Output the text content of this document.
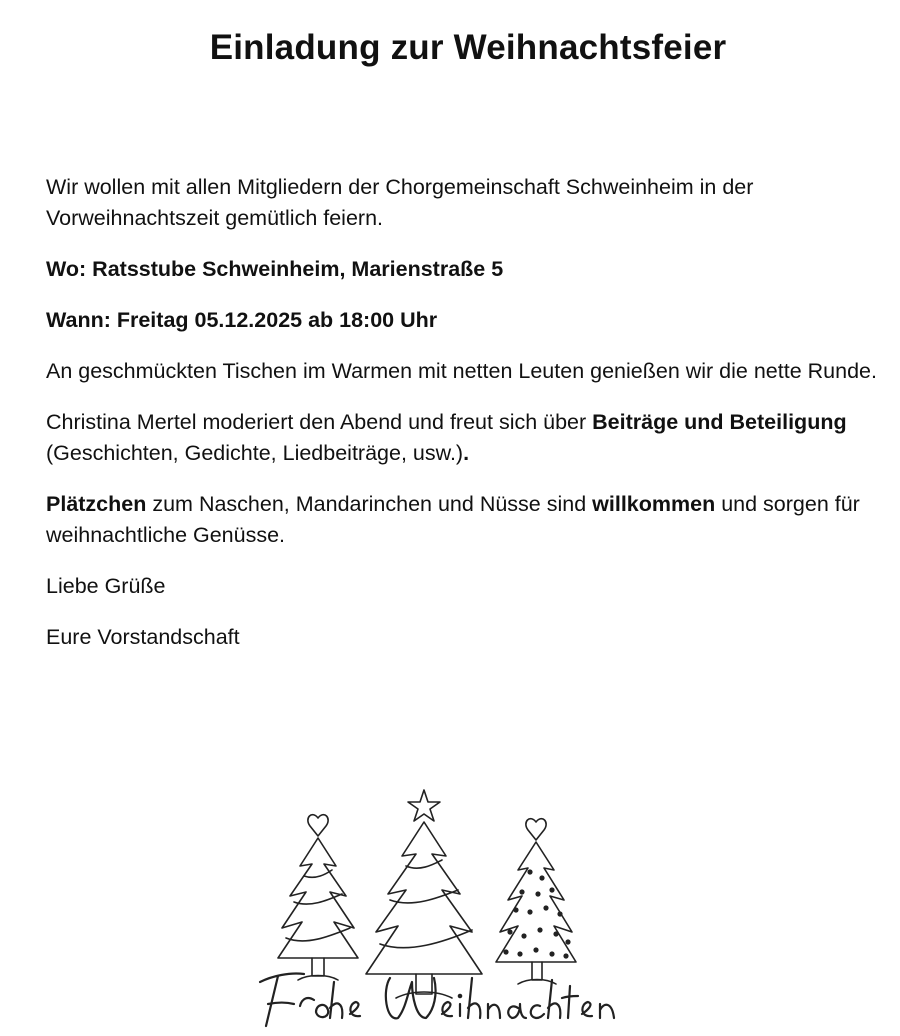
Einladung zur Weihnachtsfeier

Wir wollen mit allen Mitgliedern der Chorgemeinschaft Schweinheim in der Vorweihnachtszeit gemütlich feiern.

Wo: Ratsstube Schweinheim, Marienstraße 5

Wann: Freitag 05.12.2025 ab 18:00 Uhr

An geschmückten Tischen im Warmen mit netten Leuten genießen wir die nette Runde.

Christina Mertel moderiert den Abend und freut sich über Beiträge und Beteiligung (Geschichten, Gedichte, Liedbeiträge, usw.).

Plätzchen zum Naschen, Mandarinchen und Nüsse sind willkommen und sorgen für weihnachtliche Genüsse.

Liebe Grüße

Eure Vorstandschaft
